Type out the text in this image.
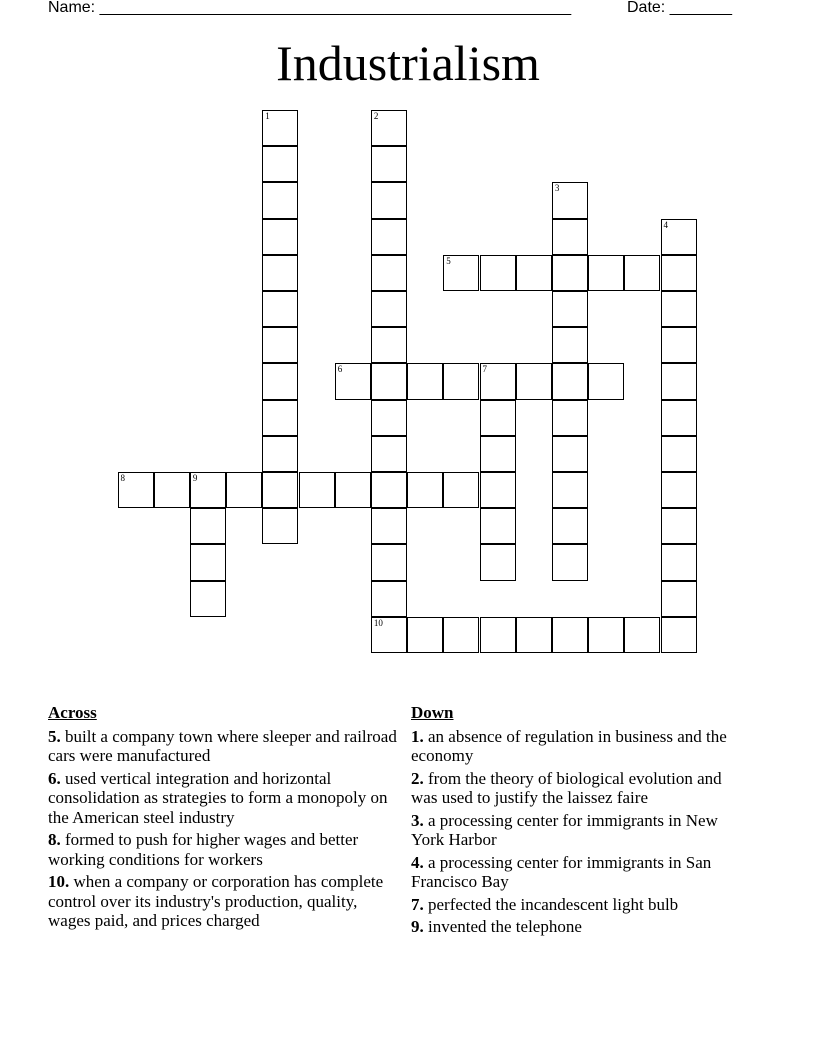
Name: _____________________________________________________	Date: _______
Industrialism
1	2
10
3
4
5
6	7
8	9
Across
5. built a company town where sleeper and railroad cars were manufactured
6. used vertical integration and horizontal consolidation as strategies to form a monopoly on the American steel industry
8. formed to push for higher wages and better working conditions for workers
10. when a company or corporation has complete control over its industry's production, quality, wages paid, and prices charged
Down
1. an absence of regulation in business and the economy
2. from the theory of biological evolution and was used to justify the laissez faire
3. a processing center for immigrants in New York Harbor
4. a processing center for immigrants in San Francisco Bay
7. perfected the incandescent light bulb
9. invented the telephone
